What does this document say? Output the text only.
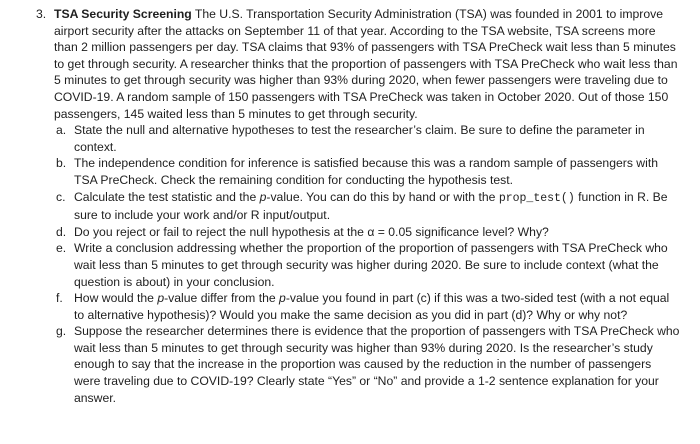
3. TSA Security Screening The U.S. Transportation Security Administration (TSA) was founded in 2001 to improve airport security after the attacks on September 11 of that year. According to the TSA website, TSA screens more than 2 million passengers per day. TSA claims that 93% of passengers with TSA PreCheck wait less than 5 minutes to get through security. A researcher thinks that the proportion of passengers with TSA PreCheck who wait less than 5 minutes to get through security was higher than 93% during 2020, when fewer passengers were traveling due to COVID-19. A random sample of 150 passengers with TSA PreCheck was taken in October 2020. Out of those 150 passengers, 145 waited less than 5 minutes to get through security.

a. State the null and alternative hypotheses to test the researcher’s claim. Be sure to define the parameter in context.
b. The independence condition for inference is satisfied because this was a random sample of passengers with TSA PreCheck. Check the remaining condition for conducting the hypothesis test.
c. Calculate the test statistic and the p-value. You can do this by hand or with the prop_test() function in R. Be sure to include your work and/or R input/output.
d. Do you reject or fail to reject the null hypothesis at the α = 0.05 significance level? Why?
e. Write a conclusion addressing whether the proportion of the proportion of passengers with TSA PreCheck who wait less than 5 minutes to get through security was higher during 2020. Be sure to include context (what the question is about) in your conclusion.
f. How would the p-value differ from the p-value you found in part (c) if this was a two-sided test (with a not equal to alternative hypothesis)? Would you make the same decision as you did in part (d)? Why or why not?
g. Suppose the researcher determines there is evidence that the proportion of passengers with TSA PreCheck who wait less than 5 minutes to get through security was higher than 93% during 2020. Is the researcher’s study enough to say that the increase in the proportion was caused by the reduction in the number of passengers were traveling due to COVID-19? Clearly state “Yes” or “No” and provide a 1-2 sentence explanation for your answer.
